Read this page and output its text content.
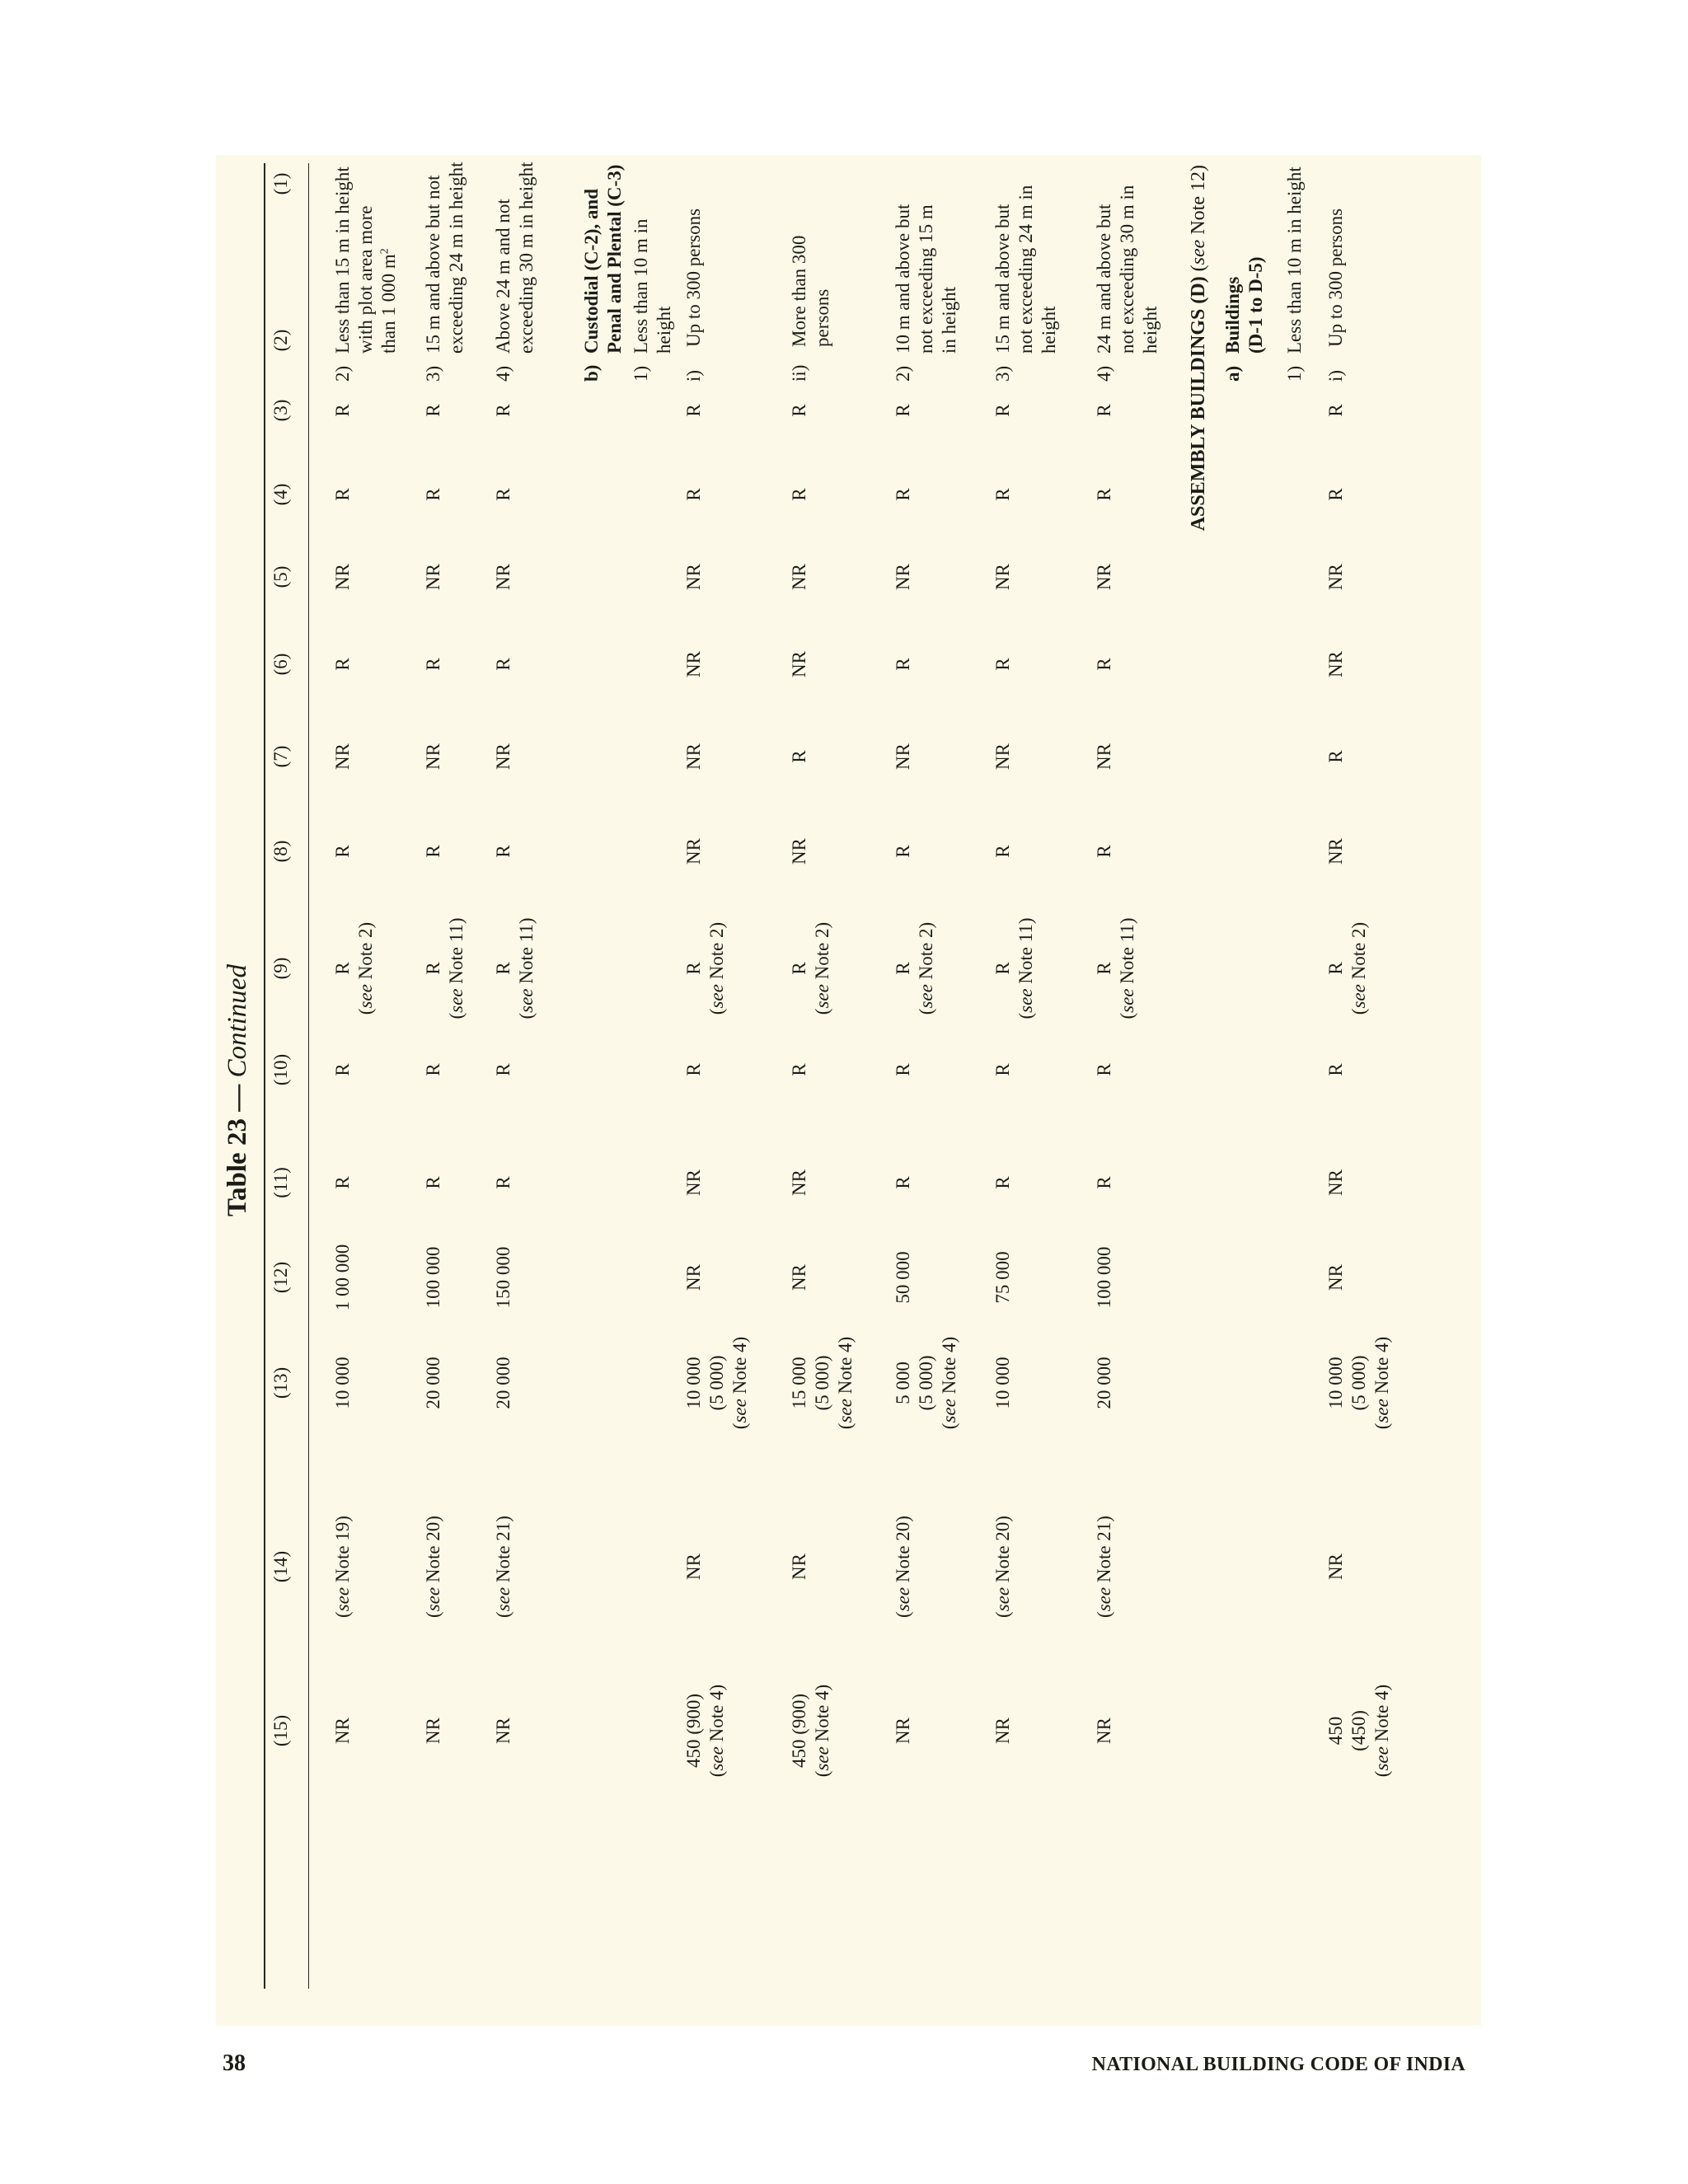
Table 23 — Continued
(1)
(2)
(3)
(4)
(5)
(6)
(7)
(8)
(9)
(10)
(11)
(12)
(13)
(14)
(15)
2)
Less than 15 m in height with plot area more than 1 000 $m^2$
R
R
NR
R
NR
R
R
(see Note 2)
R
R
1 00 000
10 000
(see Note 19)
NR
3)
15 m and above but not exceeding 24 m in height
R
R
NR
R
NR
R
R
(see Note 11)
R
R
100 000
20 000
(see Note 20)
NR
4)
Above 24 m and not exceeding 30 m in height
R
R
NR
R
NR
R
R
(see Note 11)
R
R
150 000
20 000
(see Note 21)
NR
b)
Custodial (C-2), and Penal and Plental (C-3)
1)
Less than 10 m in height
i)
Up to 300 persons
R
R
NR
NR
NR
NR
R
(see Note 2)
R
NR
NR
10 000 (5 000)
(see Note 4)
NR
450 (900)
(see Note 4)
ii)
More than 300 persons
R
R
NR
NR
R
NR
R
(see Note 2)
R
NR
NR
15 000 (5 000)
(see Note 4)
NR
450 (900)
(see Note 4)
2)
10 m and above but not exceeding 15 m in height
R
R
NR
R
NR
R
R
(see Note 2)
R
R
50 000
5 000 (5 000)
(see Note 4)
(see Note 20)
NR
3)
15 m and above but not exceeding 24 m in height
R
R
NR
R
NR
R
R
(see Note 11)
R
R
75 000
10 000
(see Note 20)
NR
4)
24 m and above but not exceeding 30 m in height
R
R
NR
R
NR
R
R
(see Note 11)
R
R
100 000
20 000
(see Note 21)
NR
ASSEMBLY BUILDINGS (D) (see Note 12)
a)
Buildings (D-1 to D-5)
1)
Less than 10 m in height
i)
Up to 300 persons
R
R
NR
NR
R
NR
R
(see Note 2)
R
NR
NR
10 000 (5 000)
(see Note 4)
NR
450 (450)
(see Note 4)
38	NATIONAL BUILDING CODE OF INDIA
